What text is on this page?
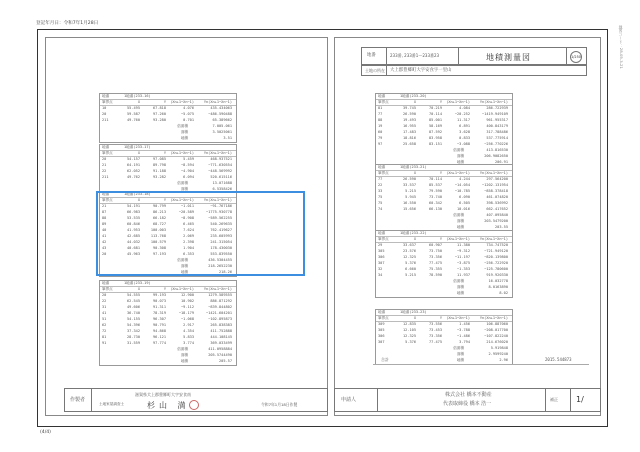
登記年月日：令和7年1月28日
地図コード：28-05-3-21
地番	1地番(233-16)
筆界点	X	Y	(Xn+1−Xn−1)	Yn(Xn+1−Xn−1)
10	55.495	67.818	4.076	435.434063
20	59.587	97.260	−5.075	−486.590488
211	49.760	93.280	0.701	65.389662
倍面積	7.005.061
面積	3.5025061
地積	3.51
地番	1地番(233-17)
筆界点	X	Y	(Xn+1−Xn−1)	Yn(Xn+1−Xn−1)
20	54.157	97.085	5.459	468.937521
21	64.191	89.798	−8.594	−771.630554
22	62.052	91.188	−4.904	−448.569992
211	49.762	93.282	6.094	520.615116
倍面積	13.071688
面積	6.5358426
地番	1地番(233-18)
筆界点	X	Y	(Xn+1−Xn−1)	Yn(Xn+1−Xn−1)
21	54.191	90.799	−1.011	−91.767186
87	66.983	86.213	−20.589	−1775.930778
88	53.535	66.182	−8.908	−589.562255
89	60.846	68.727	6.465	540.269635
40	41.953	100.003	7.624	762.419627
41	42.685	113.768	2.069	235.605993
42	44.032	100.579	2.398	241.315054
43	40.681	90.308	1.904	178.430030
20	45.963	97.193	6.353	553.839550
倍面積	436.5304455
面積	218.2652230
地積	218.26
地番	1地番(233-19)
筆界点	X	Y	(Xn+1−Xn−1)	Yn(Xn+1−Xn−1)
20	54.555	99.193	12.900	1279.589555
22	62.545	90.073	10.902	886.871292
31	49.606	91.311	−9.112	−839.844802
41	36.740	78.319	−18.179	−1421.604201
51	54.155	96.307	−1.068	−102.895873
62	54.396	90.791	2.917	265.838383
72	37.342	94.868	4.354	411.752888
81	28.730	96.121	5.833	444.108145
91	31.559	97.774	3.774	369.033499
倍面積	411.0958884
面積	205.5744490
地積	205.57
地番	233番, 233番1〜233番23	地積測量図	1/250
土地の所在 大上郡豊郷町大字安食字一里山
地番	1地番(233-20)
筆界点	X	Y	(Xn+1−Xn−1)	Yn(Xn+1−Xn−1)
81	39.745	70.219	4.084	286.722939
77	26.590	70.114	−20.252	−1419.949109
88	19.493	85.001	11.317	961.955317
19	16.955	58.169	6.891	400.843179
60	17.483	87.592	3.628	317.788486
79	18.816	83.958	0.833	537.775914
97	25.658	83.151	−3.088	−256.770226
倍面積	413.816530
面積	206.9082650
地積	206.91
地番	1地番(233-21)
筆界点	X	Y	(Xn+1−Xn−1)	Yn(Xn+1−Xn−1)
77	26.590	70.114	4.244	297.564200
22	33.537	85.537	−14.054	−1202.131954
33	5.215	79.590	−10.785	−858.378418
75	5.945	73.740	6.090	461.074820
75	16.550	60.342	6.505	398.536992
74	15.656	66.130	10.016	662.417652
倍面積	407.095840
面積	203.5479200
地積	203.55
地番	1地番(233-22)
筆界点	X	Y	(Xn+1−Xn−1)	Yn(Xn+1−Xn−1)
29	33.637	60.907	11.380	734.747520
305	23.576	73.750	−9.312	−721.949120
306	12.325	73.356	−11.197	−820.139800
307	5.376	77.475	−3.875	−256.722920
32	6.660	75.355	−1.353	−125.780600
34	5.215	78.590	11.937	919.920330
倍面積	16.032778
面積	8.0163890
地積	8.02
地番	1地番(233-23)
筆界点	X	Y	(Xn+1−Xn−1)	Yn(Xn+1−Xn−1)
309	12.835	73.556	1.456	106.887060
305	12.105	73.453	−3.788	−208.017700
306	12.325	73.356	−1.486	−107.822240
307	5.376	77.475	3.794	214.676020
倍面積	5.919848
面積	2.9599240
地積	2.96
合計	2015.544873
作製者
滋賀県犬上郡豊郷町大字安食南
土地家屋調査士	杉山 満	令和7年1月18日作製
申請人
株式会社 橋本不動産
代表取締役 橋本 浩一
補正 1/
(4/4)
